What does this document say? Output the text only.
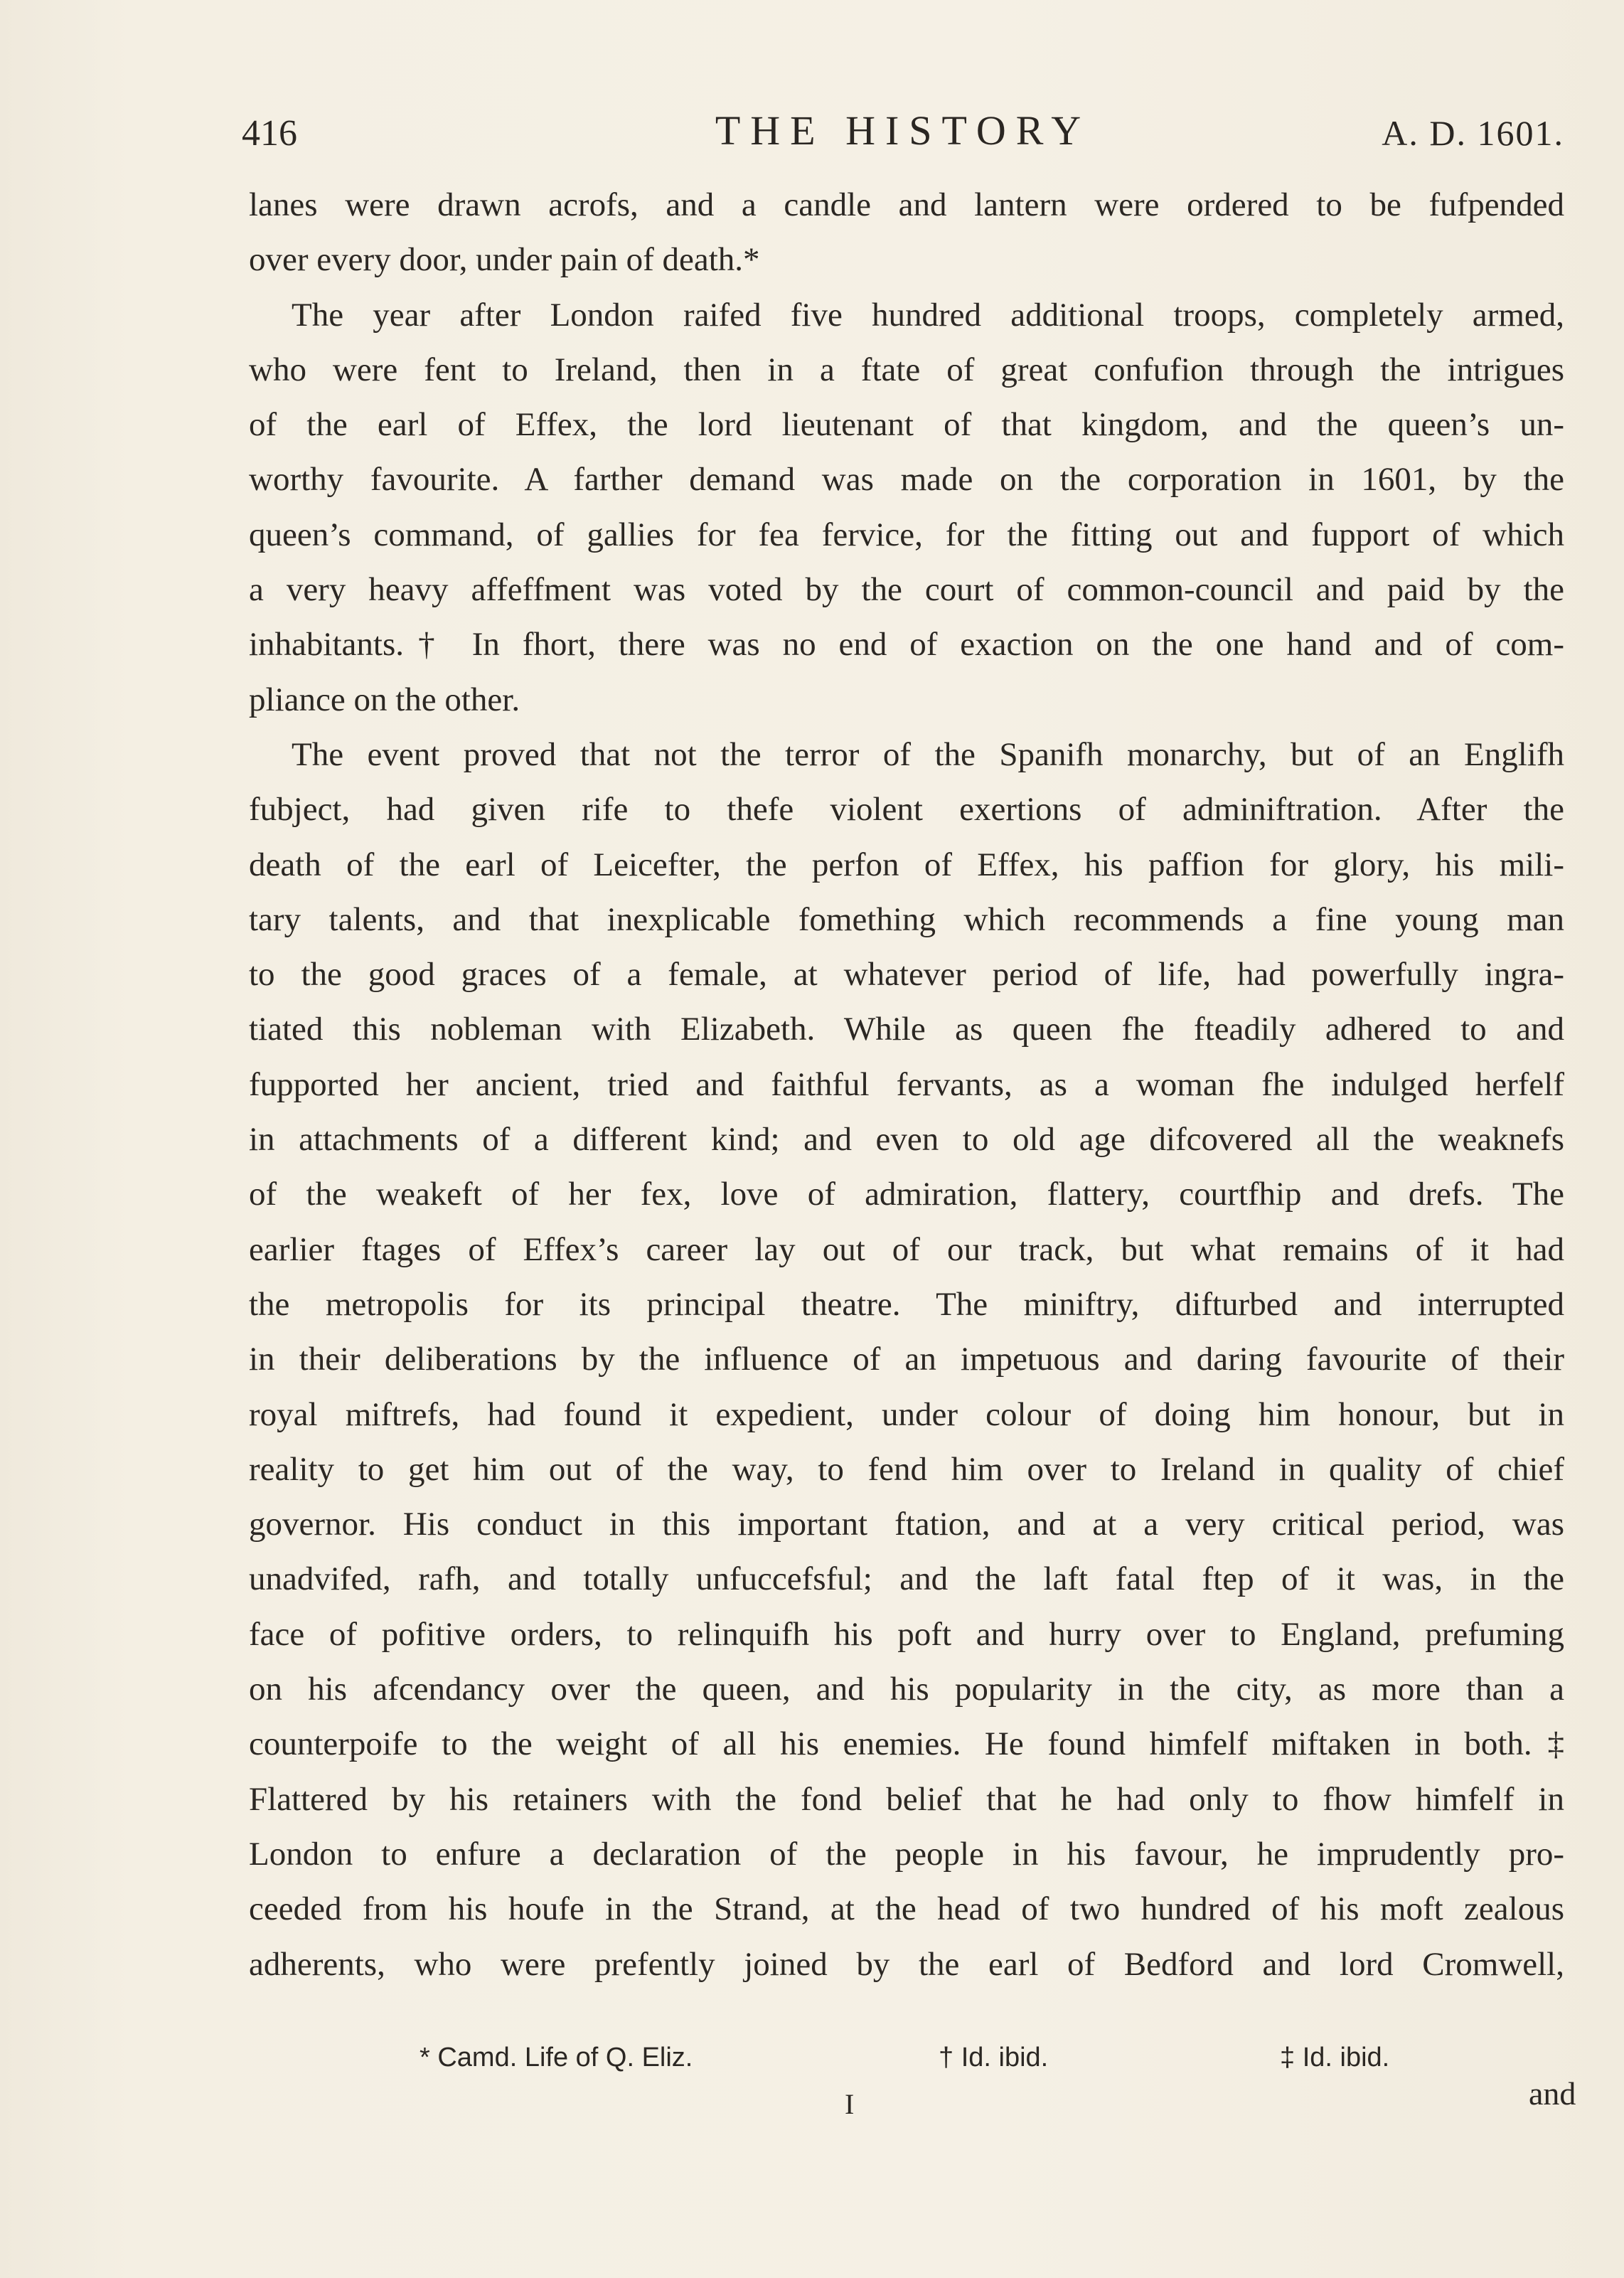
416	THE HISTORY	A. D. 1601.
lanes were drawn acrofs, and a candle and lantern were ordered to be fufpended
over every door, under pain of death.*
The year after London raifed five hundred additional troops, completely armed,
who were fent to Ireland, then in a ftate of great confufion through the intrigues
of the earl of Effex, the lord lieutenant of that kingdom, and the queen’s un-
worthy favourite. A farther demand was made on the corporation in 1601, by the
queen’s command, of gallies for fea fervice, for the fitting out and fupport of which
a very heavy affeffment was voted by the court of common-council and paid by the
inhabitants.† In fhort, there was no end of exaction on the one hand and of com-
pliance on the other.
The event proved that not the terror of the Spanifh monarchy, but of an Englifh
fubject, had given rife to thefe violent exertions of adminiftration. After the
death of the earl of Leicefter, the perfon of Effex, his paffion for glory, his mili-
tary talents, and that inexplicable fomething which recommends a fine young man
to the good graces of a female, at whatever period of life, had powerfully ingra-
tiated this nobleman with Elizabeth. While as queen fhe fteadily adhered to and
fupported her ancient, tried and faithful fervants, as a woman fhe indulged herfelf
in attachments of a different kind; and even to old age difcovered all the weaknefs
of the weakeft of her fex, love of admiration, flattery, courtfhip and drefs. The
earlier ftages of Effex’s career lay out of our track, but what remains of it had
the metropolis for its principal theatre. The miniftry, difturbed and interrupted
in their deliberations by the influence of an impetuous and daring favourite of their
royal miftrefs, had found it expedient, under colour of doing him honour, but in
reality to get him out of the way, to fend him over to Ireland in quality of chief
governor. His conduct in this important ftation, and at a very critical period, was
unadvifed, rafh, and totally unfuccefsful; and the laft fatal ftep of it was, in the
face of pofitive orders, to relinquifh his poft and hurry over to England, prefuming
on his afcendancy over the queen, and his popularity in the city, as more than a
counterpoife to the weight of all his enemies. He found himfelf miftaken in both.‡
Flattered by his retainers with the fond belief that he had only to fhow himfelf in
London to enfure a declaration of the people in his favour, he imprudently pro-
ceeded from his houfe in the Strand, at the head of two hundred of his moft zealous
adherents, who were prefently joined by the earl of Bedford and lord Cromwell,
* Camd. Life of Q. Eliz.	† Id. ibid.	‡ Id. ibid.
I	and
